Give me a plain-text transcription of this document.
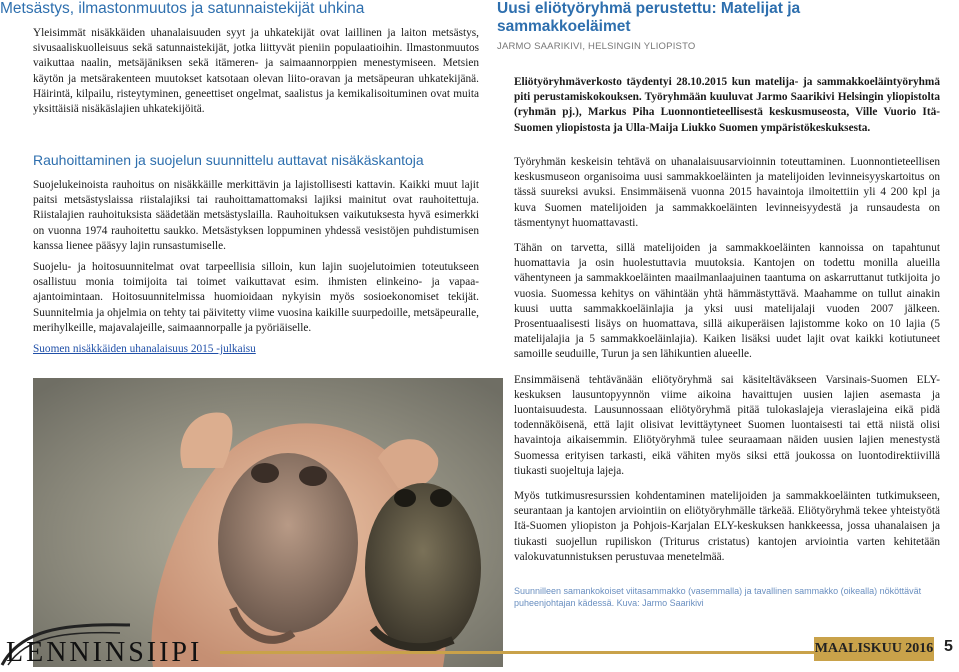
Metsästys, ilmastonmuutos ja satunnaistekijät uhkina

Yleisimmät nisäkkäiden uhanalaisuuden syyt ja uhkatekijät ovat laillinen ja laiton metsästys, sivusaaliskuolleisuus sekä satunnaistekijät, jotka liittyvät pieniin populaatioihin. Ilmastonmuutos vaikuttaa naalin, metsäjäniksen sekä itämeren- ja saimaannorppien menestymiseen. Metsien käytön ja metsärakenteen muutokset katsotaan olevan liito-oravan ja metsäpeuran uhkatekijänä. Häirintä, kilpailu, risteytyminen, geneettiset ongelmat, saalistus ja kemikalisoituminen ovat muita yksittäisiä nisäkäslajien uhkatekijöitä.

Rauhoittaminen ja suojelun suunnittelu auttavat nisäkäskantoja

Suojelukeinoista rauhoitus on nisäkkäille merkittävin ja lajistollisesti kattavin. Kaikki muut lajit paitsi metsästyslaissa riistalajiksi tai rauhoittamattomaksi lajiksi mainitut ovat rauhoitettuja. Riistalajien rauhoituksista säädetään metsästyslailla. Rauhoituksen vaikutuksesta hyvä esimerkki on vuonna 1974 rauhoitettu saukko. Metsästyksen loppuminen yhdessä vesistöjen puhdistumisen kanssa lienee pääsyy lajin runsastumiselle.

Suojelu- ja hoitosuunnitelmat ovat tarpeellisia silloin, kun lajin suojelutoimien toteutukseen osallistuu monia toimijoita tai toimet vaikuttavat esim. ihmisten elinkeino- ja vapaa-ajantoimintaan. Hoitosuunnitelmissa huomioidaan nykyisin myös sosioekonomiset tekijät. Suunnitelmia ja ohjelmia on tehty tai päivitetty viime vuosina kaikille suurpedoille, metsäpeuralle, merihylkeille, majavalajeille, saimaannorpalle ja pyöriäiselle.

Suomen nisäkkäiden uhanalaisuus 2015 -julkaisu

Uusi eliötyöryhmä perustettu: Matelijat ja sammakkoeläimet
JARMO SAARIKIVI, HELSINGIN YLIOPISTO
Eliötyöryhmäverkosto täydentyi 28.10.2015 kun matelija- ja sammakkoeläintyöryhmä piti perustamiskokouksen. Työryhmään kuuluvat Jarmo Saarikivi Helsingin yliopistolta (ryhmän pj.), Markus Piha Luonnontieteellisestä keskusmuseosta, Ville Vuorio Itä-Suomen yliopistosta ja Ulla-Maija Liukko Suomen ympäristökeskuksesta.

Työryhmän keskeisin tehtävä on uhanalaisuusarvioinnin toteuttaminen. Luonnontieteellisen keskusmuseon organisoima uusi sammakkoeläinten ja matelijoiden levinneisyyskartoitus on tässä suureksi avuksi. Ensimmäisenä vuonna 2015 havaintoja ilmoitettiin yli 4 200 kpl ja kuva Suomen matelijoiden ja sammakkoeläinten levinneisyydestä ja runsaudesta on täsmentynyt huomattavasti.

Tähän on tarvetta, sillä matelijoiden ja sammakkoeläinten kannoissa on tapahtunut huomattavia ja osin huolestuttavia muutoksia. Kantojen on todettu monilla alueilla vähentyneen ja sammakkoeläinten maailmanlaajuinen taantuma on askarruttanut tutkijoita jo vuosia. Suomessa kehitys on vähintään yhtä hämmästyttävä. Maahamme on tullut ainakin kuusi uutta sammakkoeläinlajia ja yksi uusi matelijalaji vuoden 2007 jälkeen. Prosentuaalisesti lisäys on huomattava, sillä aikuperäisen lajistomme koko on 10 lajia (5 matelijalajia ja 5 sammakkoeläinlajia). Kaiken lisäksi uudet lajit ovat kaikki kotiutuneet samoille seuduille, Turun ja sen lähikuntien alueelle.

Ensimmäisenä tehtävänään eliötyöryhmä sai käsiteltäväkseen Varsinais-Suomen ELY-keskuksen lausuntopyynnön viime aikoina havaittujen uusien lajien asemasta ja luontaisuudesta. Lausunnossaan eliötyöryhmä pitää tulokaslajeja vieraslajeina eikä pidä todennäköisenä, että lajit olisivat levittäytyneet Suomen luontaisesti tai että niistä olisi havaintoja aikaisemmin. Eliötyöryhmä tulee seuraamaan näiden uusien lajien menestystä Suomessa erityisen tarkasti, eikä vähiten myös siksi että joukossa on luontodirektiivillä tiukasti suojeltuja lajeja.

Myös tutkimusresurssien kohdentaminen matelijoiden ja sammakkoeläinten tutkimukseen, seurantaan ja kantojen arviointiin on eliötyöryhmälle tärkeää. Eliötyöryhmä tekee yhteistyötä Itä-Suomen yliopiston ja Pohjois-Karjalan ELY-keskuksen hankkeessa, jossa uhanalaisen ja tiukasti suojellun rupiliskon (Triturus cristatus) kantojen arviointia varten kehitetään valokuvatunnistuksen perustuvaa menetelmää.

Suunnilleen samankokoiset viitasammakko (vasemmalla) ja tavallinen sammakko (oikealla) nököttävät puheenjohtajan kädessä. Kuva: Jarmo Saarikivi
LENNINSIIPI	MAALISKUU 2016 5
